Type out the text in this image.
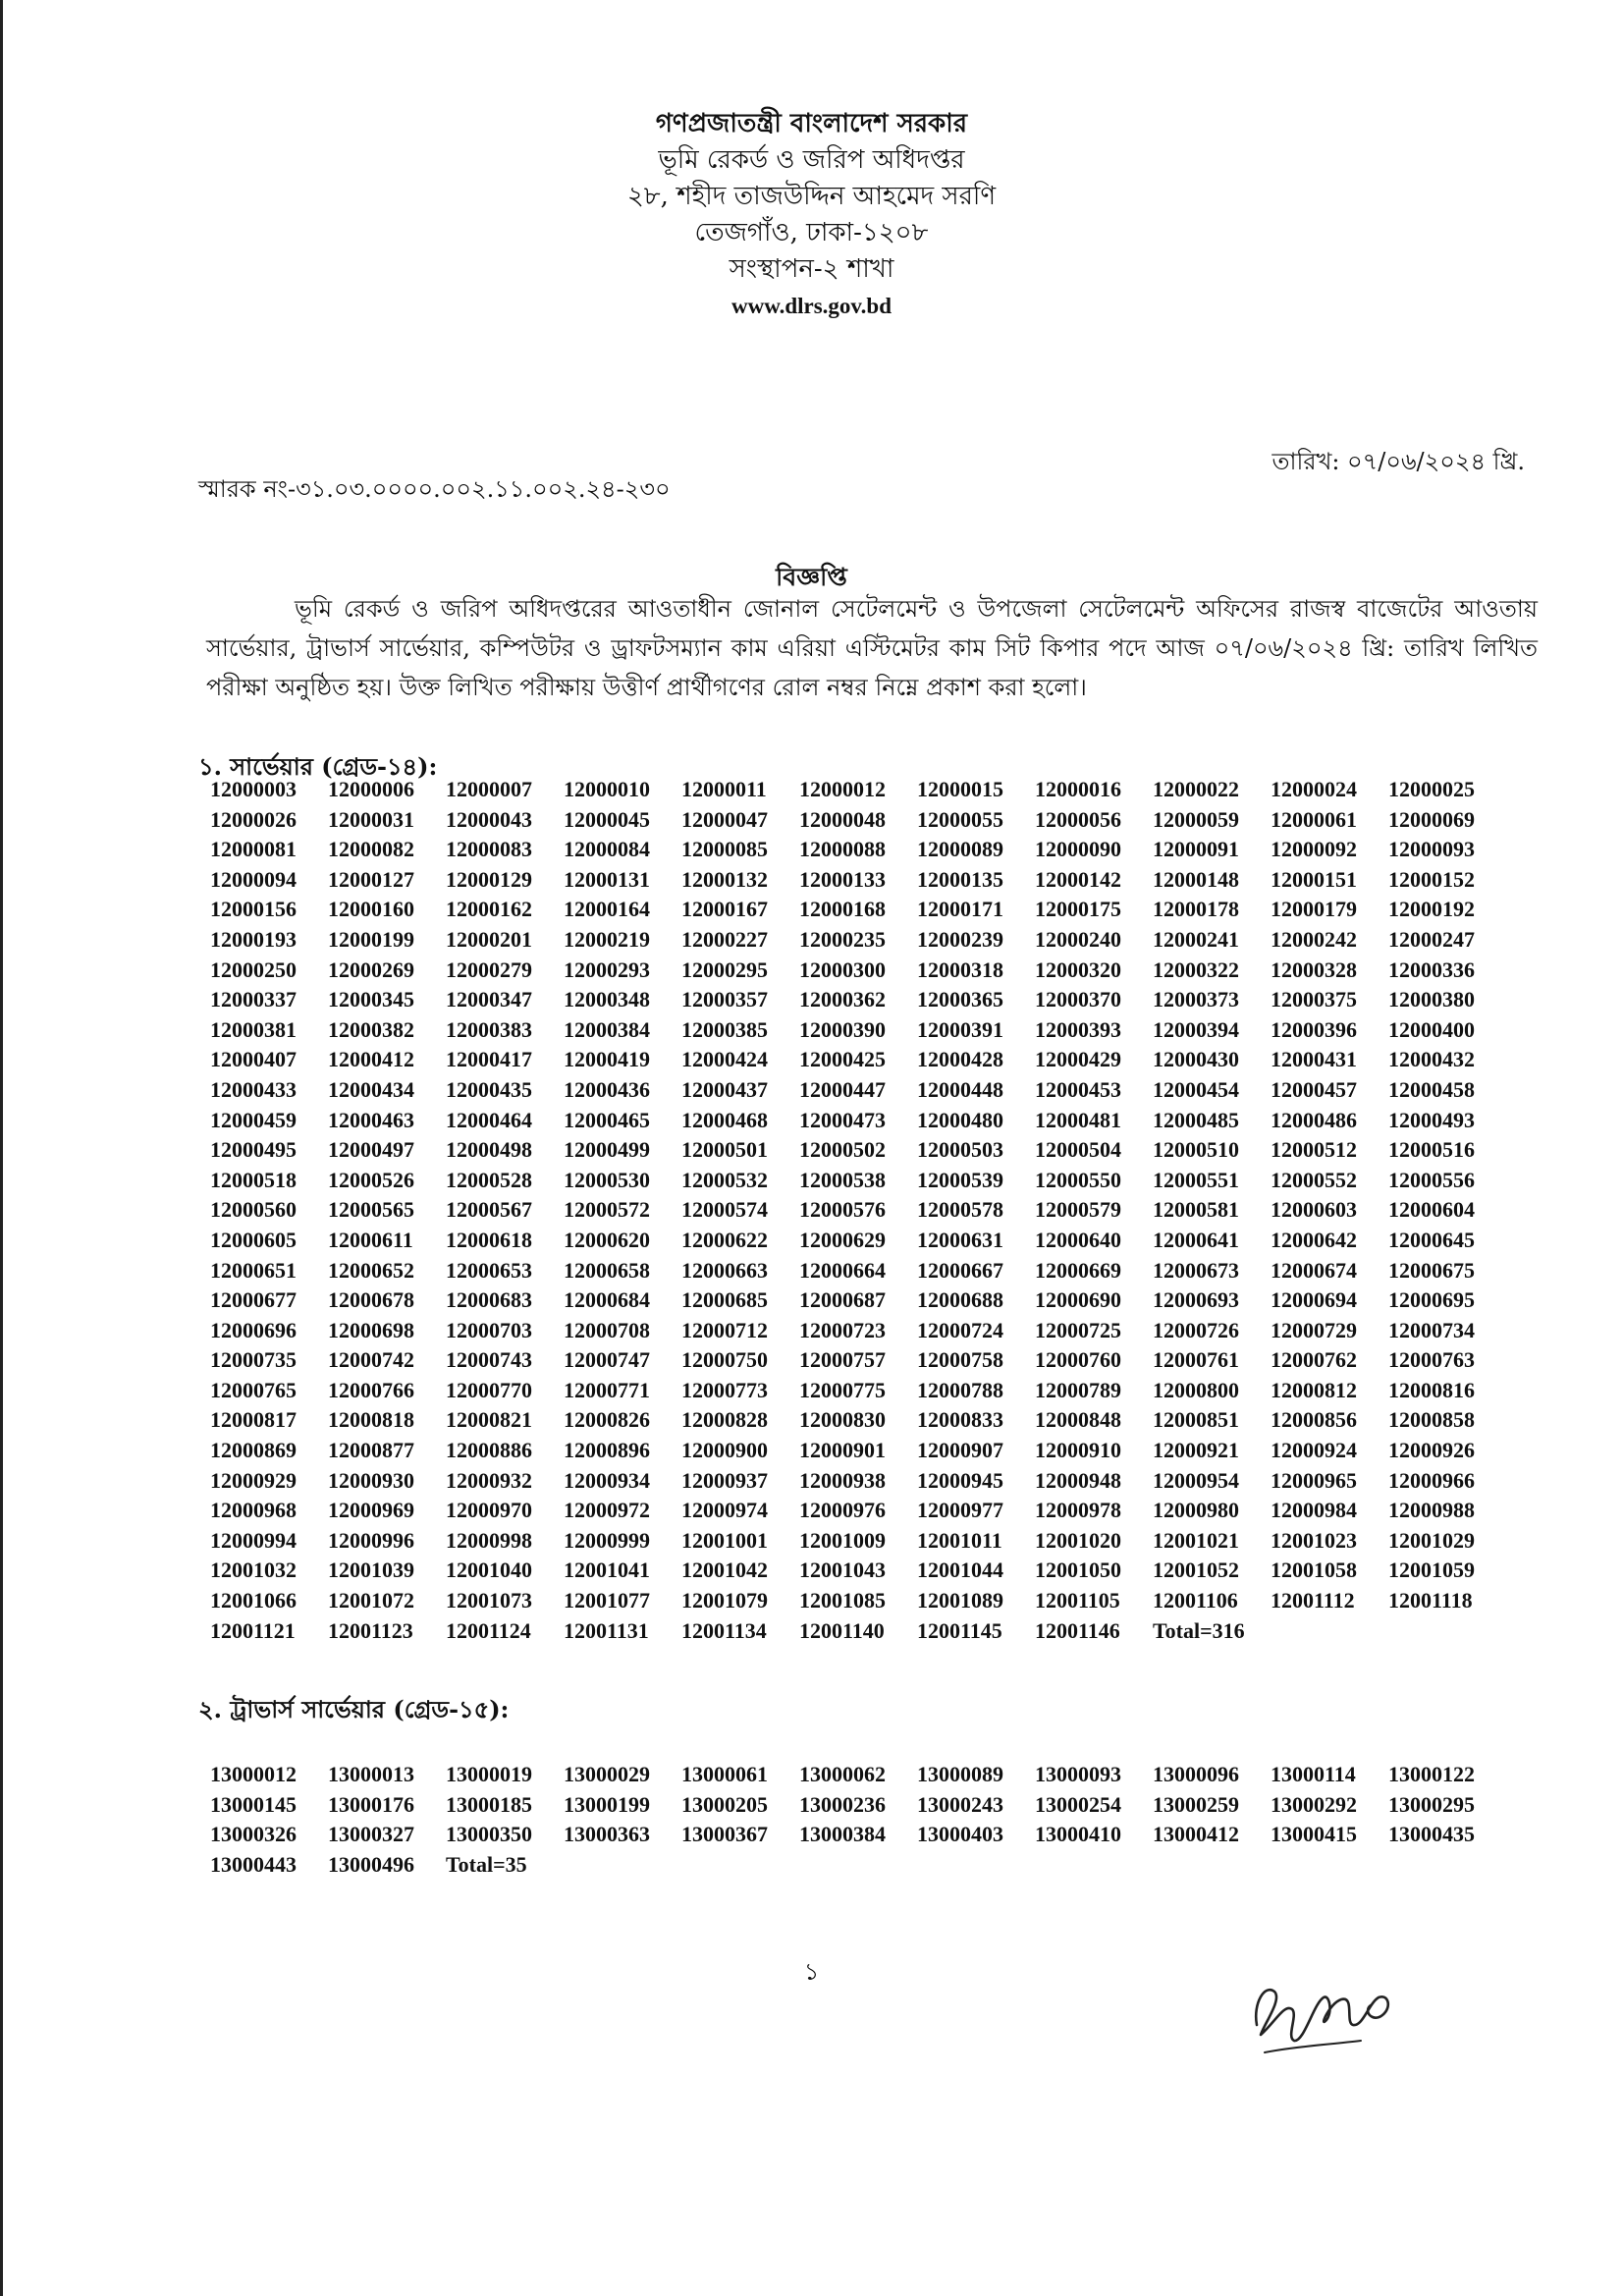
গণপ্রজাতন্ত্রী বাংলাদেশ সরকার
ভূমি রেকর্ড ও জরিপ অধিদপ্তর
২৮, শহীদ তাজউদ্দিন আহমেদ সরণি
তেজগাঁও, ঢাকা-১২০৮
সংস্থাপন-২ শাখা
www.dlrs.gov.bd
তারিখ: ০৭/০৬/২০২৪ খ্রি.
স্মারক নং-৩১.০৩.০০০০.০০২.১১.০০২.২৪-২৩০
বিজ্ঞপ্তি
ভূমি রেকর্ড ও জরিপ অধিদপ্তরের আওতাধীন জোনাল সেটেলমেন্ট ও উপজেলা সেটেলমেন্ট অফিসের রাজস্ব বাজেটের আওতায় সার্ভেয়ার, ট্রাভার্স সার্ভেয়ার, কম্পিউটর ও ড্রাফটসম্যান কাম এরিয়া এস্টিমেটর কাম সিট কিপার পদে আজ ০৭/০৬/২০২৪ খ্রি: তারিখ লিখিত পরীক্ষা অনুষ্ঠিত হয়। উক্ত লিখিত পরীক্ষায় উত্তীর্ণ প্রার্থীগণের রোল নম্বর নিম্নে প্রকাশ করা হলো।
১. সার্ভেয়ার (গ্রেড-১৪):
12000003	12000006	12000007	12000010	12000011	12000012	12000015	12000016	12000022	12000024	12000025
12000026	12000031	12000043	12000045	12000047	12000048	12000055	12000056	12000059	12000061	12000069
12000081	12000082	12000083	12000084	12000085	12000088	12000089	12000090	12000091	12000092	12000093
12000094	12000127	12000129	12000131	12000132	12000133	12000135	12000142	12000148	12000151	12000152
12000156	12000160	12000162	12000164	12000167	12000168	12000171	12000175	12000178	12000179	12000192
12000193	12000199	12000201	12000219	12000227	12000235	12000239	12000240	12000241	12000242	12000247
12000250	12000269	12000279	12000293	12000295	12000300	12000318	12000320	12000322	12000328	12000336
12000337	12000345	12000347	12000348	12000357	12000362	12000365	12000370	12000373	12000375	12000380
12000381	12000382	12000383	12000384	12000385	12000390	12000391	12000393	12000394	12000396	12000400
12000407	12000412	12000417	12000419	12000424	12000425	12000428	12000429	12000430	12000431	12000432
12000433	12000434	12000435	12000436	12000437	12000447	12000448	12000453	12000454	12000457	12000458
12000459	12000463	12000464	12000465	12000468	12000473	12000480	12000481	12000485	12000486	12000493
12000495	12000497	12000498	12000499	12000501	12000502	12000503	12000504	12000510	12000512	12000516
12000518	12000526	12000528	12000530	12000532	12000538	12000539	12000550	12000551	12000552	12000556
12000560	12000565	12000567	12000572	12000574	12000576	12000578	12000579	12000581	12000603	12000604
12000605	12000611	12000618	12000620	12000622	12000629	12000631	12000640	12000641	12000642	12000645
12000651	12000652	12000653	12000658	12000663	12000664	12000667	12000669	12000673	12000674	12000675
12000677	12000678	12000683	12000684	12000685	12000687	12000688	12000690	12000693	12000694	12000695
12000696	12000698	12000703	12000708	12000712	12000723	12000724	12000725	12000726	12000729	12000734
12000735	12000742	12000743	12000747	12000750	12000757	12000758	12000760	12000761	12000762	12000763
12000765	12000766	12000770	12000771	12000773	12000775	12000788	12000789	12000800	12000812	12000816
12000817	12000818	12000821	12000826	12000828	12000830	12000833	12000848	12000851	12000856	12000858
12000869	12000877	12000886	12000896	12000900	12000901	12000907	12000910	12000921	12000924	12000926
12000929	12000930	12000932	12000934	12000937	12000938	12000945	12000948	12000954	12000965	12000966
12000968	12000969	12000970	12000972	12000974	12000976	12000977	12000978	12000980	12000984	12000988
12000994	12000996	12000998	12000999	12001001	12001009	12001011	12001020	12001021	12001023	12001029
12001032	12001039	12001040	12001041	12001042	12001043	12001044	12001050	12001052	12001058	12001059
12001066	12001072	12001073	12001077	12001079	12001085	12001089	12001105	12001106	12001112	12001118
12001121	12001123	12001124	12001131	12001134	12001140	12001145	12001146	Total=316
২. ট্রাভার্স সার্ভেয়ার (গ্রেড-১৫):
13000012	13000013	13000019	13000029	13000061	13000062	13000089	13000093	13000096	13000114	13000122
13000145	13000176	13000185	13000199	13000205	13000236	13000243	13000254	13000259	13000292	13000295
13000326	13000327	13000350	13000363	13000367	13000384	13000403	13000410	13000412	13000415	13000435
13000443	13000496	Total=35
১
